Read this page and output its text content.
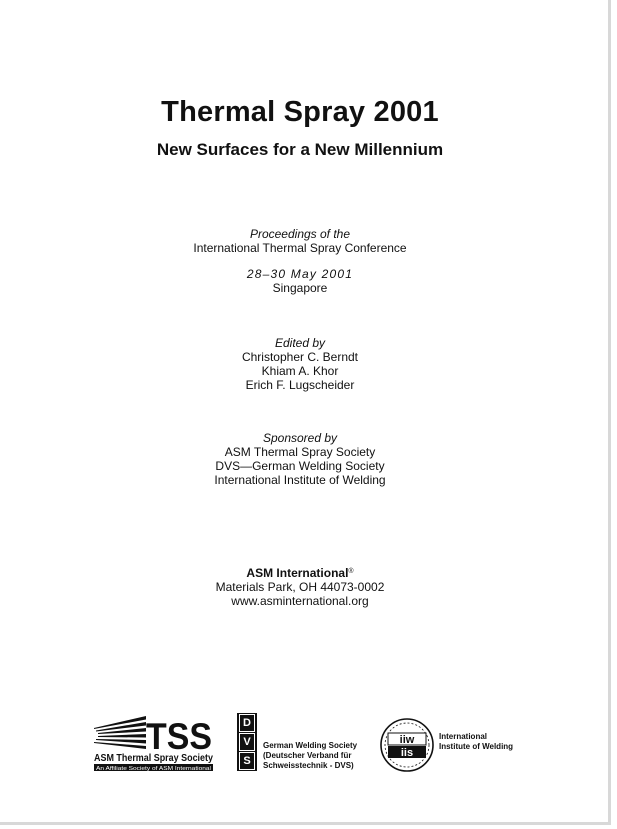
Thermal Spray 2001
New Surfaces for a New Millennium
Proceedings of the
International Thermal Spray Conference
28–30 May 2001
Singapore
Edited by
Christopher C. Berndt
Khiam A. Khor
Erich F. Lugscheider
Sponsored by
ASM Thermal Spray Society
DVS—German Welding Society
International Institute of Welding
ASM International®
Materials Park, OH 44073-0002
www.asminternational.org
TSS
ASM Thermal Spray Society
An Affiliate Society of ASM International
D
V
S
German Welding Society
(Deutscher Verband für
Schweisstechnik - DVS)
iiw
iis
International
Institute of Welding
